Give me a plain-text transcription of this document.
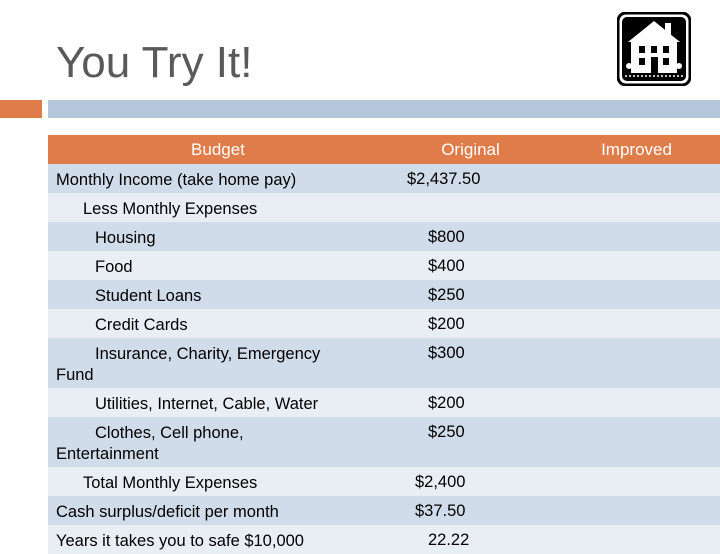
You Try It!
Budget	Original	Improved
Monthly Income (take home pay)	$2,437.50	
Less Monthly Expenses		
Housing	$800	
Food	$400	
Student Loans	$250	
Credit Cards	$200	
Insurance, Charity, Emergency
Fund	$300	
Utilities, Internet, Cable, Water	$200	
Clothes, Cell phone,
Entertainment	$250	
Total Monthly Expenses	$2,400	
Cash surplus/deficit per month	$37.50	
Years it takes you to safe $10,000	22.22	
